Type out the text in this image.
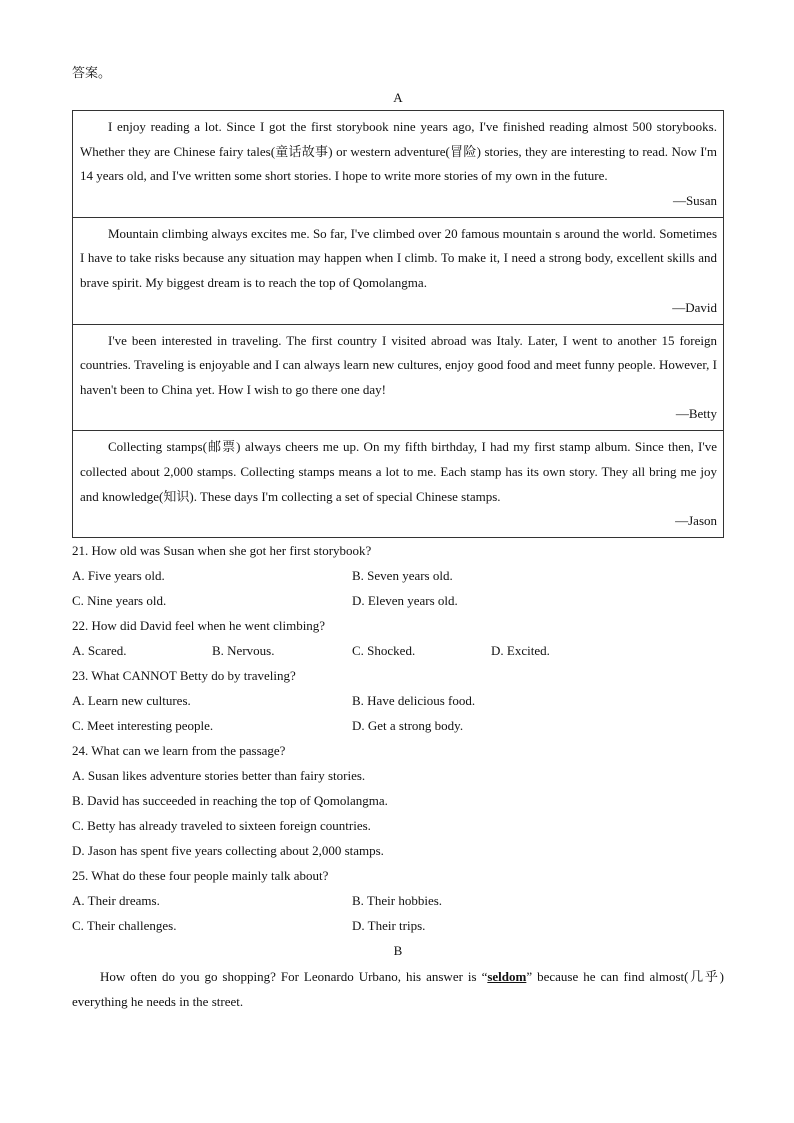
答案。
A

I enjoy reading a lot. Since I got the first storybook nine years ago, I've finished reading almost 500 storybooks. Whether they are Chinese fairy tales(童话故事) or western adventure(冒险) stories, they are interesting to read. Now I'm 14 years old, and I've written some short stories. I hope to write more stories of my own in the future.

—Susan

Mountain climbing always excites me. So far, I've climbed over 20 famous mountain s around the world. Sometimes I have to take risks because any situation may happen when I climb. To make it, I need a strong body, excellent skills and brave spirit. My biggest dream is to reach the top of Qomolangma.

—David

I've been interested in traveling. The first country I visited abroad was Italy. Later, I went to another 15 foreign countries. Traveling is enjoyable and I can always learn new cultures, enjoy good food and meet funny people. However, I haven't been to China yet. How I wish to go there one day!

—Betty

Collecting stamps(邮票) always cheers me up. On my fifth birthday, I had my first stamp album. Since then, I've collected about 2,000 stamps. Collecting stamps means a lot to me. Each stamp has its own story. They all bring me joy and knowledge(知识). These days I'm collecting a set of special Chinese stamps.

—Jason

21. How old was Susan when she got her first storybook?
A. Five years old.	B. Seven years old.
C. Nine years old.	D. Eleven years old.
22. How did David feel when he went climbing?
A. Scared.	B. Nervous.	C. Shocked.	D. Excited.
23. What CANNOT Betty do by traveling?
A. Learn new cultures.	B. Have delicious food.
C. Meet interesting people.	D. Get a strong body.
24. What can we learn from the passage?
A. Susan likes adventure stories better than fairy stories.
B. David has succeeded in reaching the top of Qomolangma.
C. Betty has already traveled to sixteen foreign countries.
D. Jason has spent five years collecting about 2,000 stamps.
25. What do these four people mainly talk about?
A. Their dreams.	B. Their hobbies.
C. Their challenges.	D. Their trips.
B

How often do you go shopping? For Leonardo Urbano, his answer is “seldom” because he can find almost(几乎) everything he needs in the street.
